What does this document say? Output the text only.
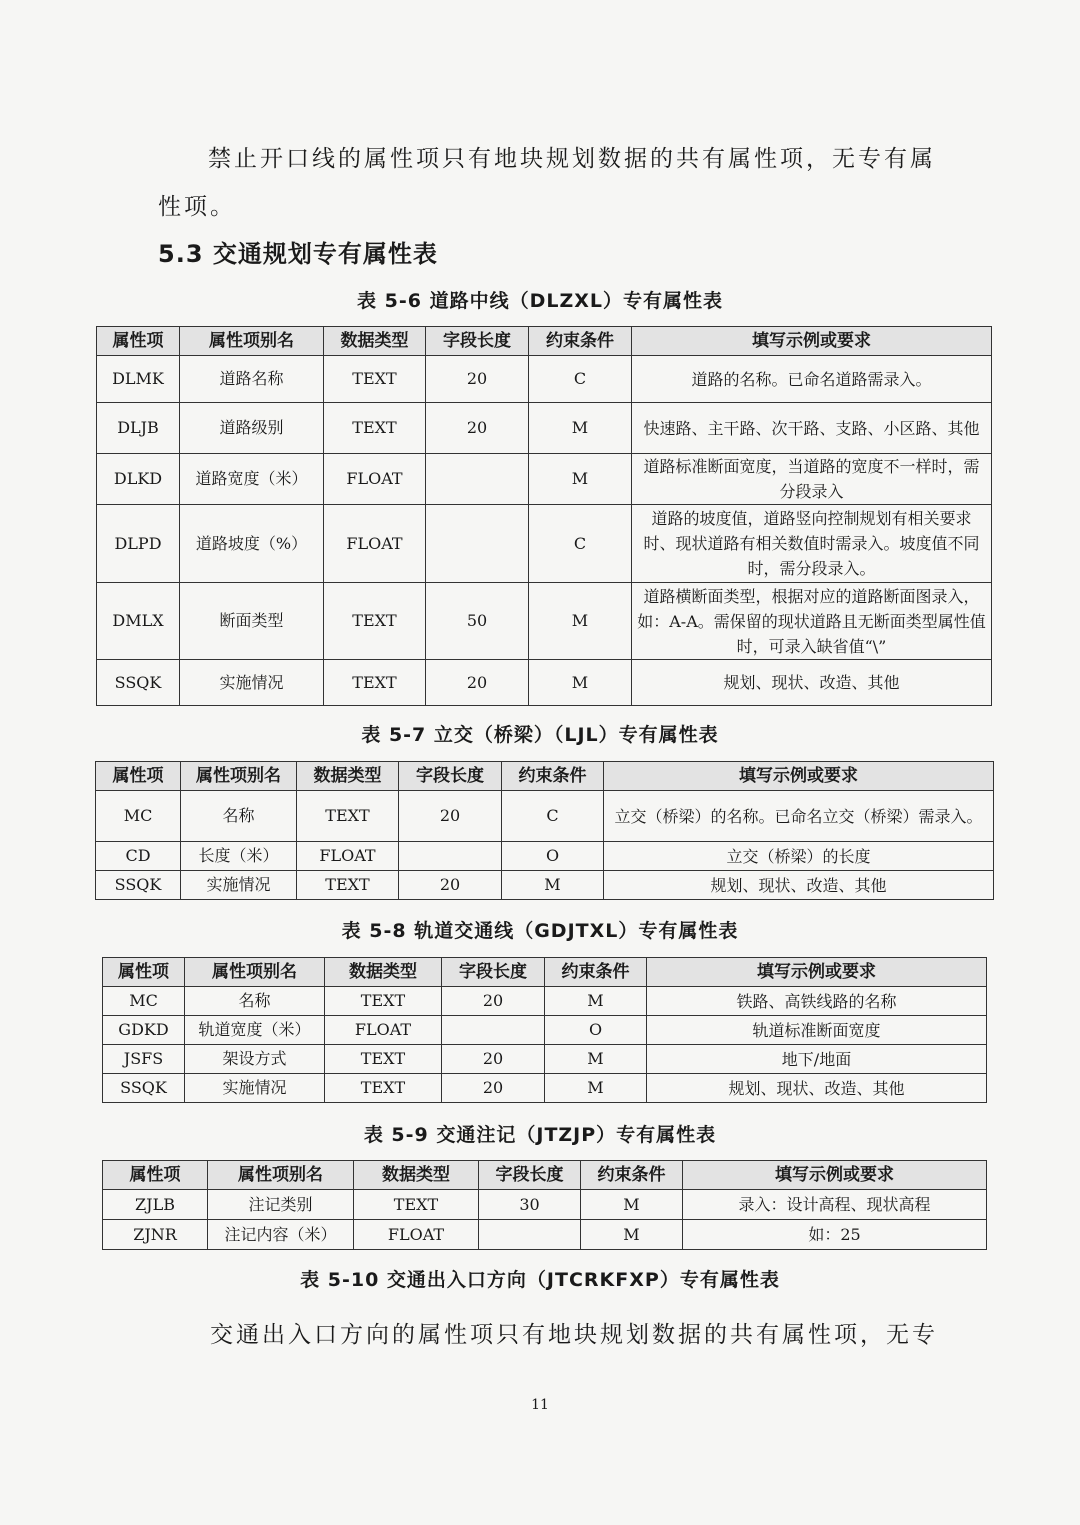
禁止开口线的属性项只有地块规划数据的共有属性项，无专有属

性项。

5.3 交通规划专有属性表

表 5-6 道路中线（DLZXL）专有属性表

属性项	属性项别名	数据类型	字段长度	约束条件	填写示例或要求
DLMK	道路名称	TEXT	20	C	道路的名称。已命名道路需录入。
DLJB	道路级别	TEXT	20	M	快速路、主干路、次干路、支路、小区路、其他
DLKD	道路宽度（米）	FLOAT		M	道路标准断面宽度，当道路的宽度不一样时，需分段录入
DLPD	道路坡度（%）	FLOAT		C	道路的坡度值，道路竖向控制规划有相关要求时、现状道路有相关数值时需录入。坡度值不同时，需分段录入。
DMLX	断面类型	TEXT	50	M	道路横断面类型，根据对应的道路断面图录入，如：A-A。需保留的现状道路且无断面类型属性值时，可录入缺省值“\”
SSQK	实施情况	TEXT	20	M	规划、现状、改造、其他

表 5-7 立交（桥梁）（LJL）专有属性表

属性项	属性项别名	数据类型	字段长度	约束条件	填写示例或要求
MC	名称	TEXT	20	C	立交（桥梁）的名称。已命名立交（桥梁）需录入。
CD	长度（米）	FLOAT		O	立交（桥梁）的长度
SSQK	实施情况	TEXT	20	M	规划、现状、改造、其他

表 5-8 轨道交通线（GDJTXL）专有属性表

属性项	属性项别名	数据类型	字段长度	约束条件	填写示例或要求
MC	名称	TEXT	20	M	铁路、高铁线路的名称
GDKD	轨道宽度（米）	FLOAT		O	轨道标准断面宽度
JSFS	架设方式	TEXT	20	M	地下/地面
SSQK	实施情况	TEXT	20	M	规划、现状、改造、其他

表 5-9 交通注记（JTZJP）专有属性表

属性项	属性项别名	数据类型	字段长度	约束条件	填写示例或要求
ZJLB	注记类别	TEXT	30	M	录入：设计高程、现状高程
ZJNR	注记内容（米）	FLOAT		M	如：25

表 5-10 交通出入口方向（JTCRKFXP）专有属性表

交通出入口方向的属性项只有地块规划数据的共有属性项，无专

11
